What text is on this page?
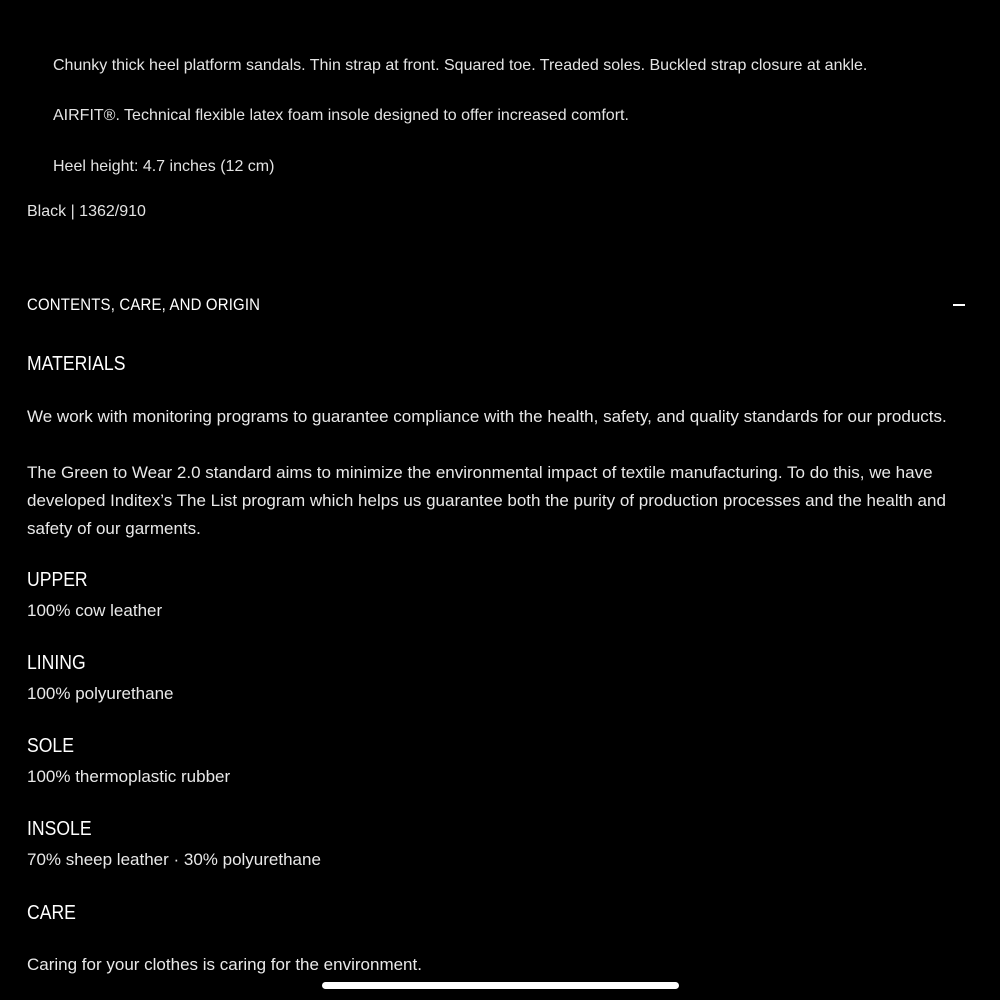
Chunky thick heel platform sandals. Thin strap at front. Squared toe. Treaded soles. Buckled strap closure at ankle.
AIRFIT®. Technical flexible latex foam insole designed to offer increased comfort.
Heel height: 4.7 inches (12 cm)
Black | 1362/910
CONTENTS, CARE, AND ORIGIN
MATERIALS
We work with monitoring programs to guarantee compliance with the health, safety, and quality standards for our products.
The Green to Wear 2.0 standard aims to minimize the environmental impact of textile manufacturing. To do this, we have developed Inditex’s The List program which helps us guarantee both the purity of production processes and the health and safety of our garments.
UPPER
100% cow leather
LINING
100% polyurethane
SOLE
100% thermoplastic rubber
INSOLE
70% sheep leather · 30% polyurethane
CARE
Caring for your clothes is caring for the environment.
